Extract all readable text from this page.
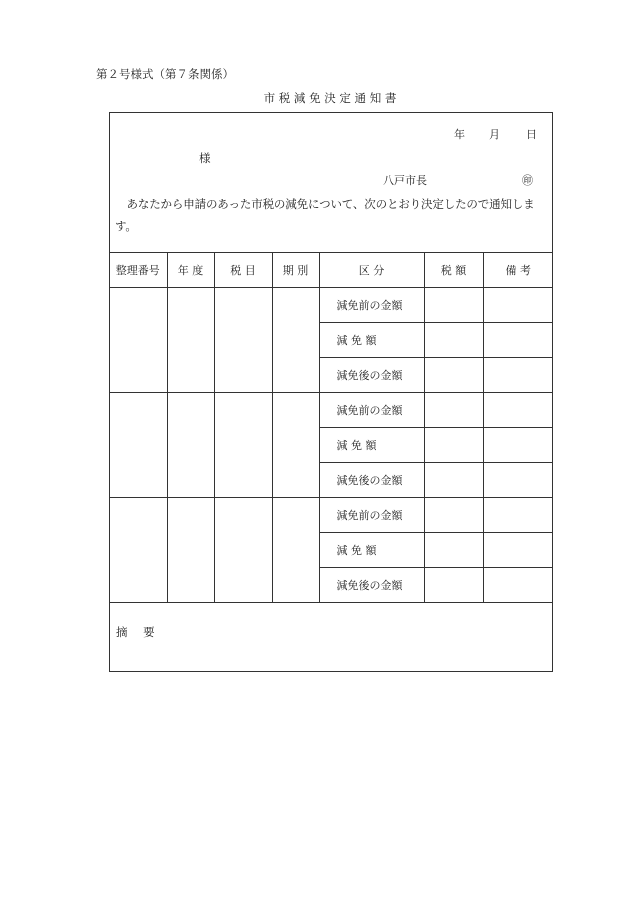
第２号様式（第７条関係）
市 税 減 免 決 定 通 知 書
年 月 日
様
八戸市長	㊞
あなたから申請のあった市税の減免について、次のとおり決定したので通知します。
整理番号	年 度	税 目	期 別	区 分	税 額	備 考
				減免前の金額		
				減 免 額		
				減免後の金額		
				減免前の金額		
				減 免 額		
				減免後の金額		
				減免前の金額		
				減 免 額		
				減免後の金額		
摘 要
